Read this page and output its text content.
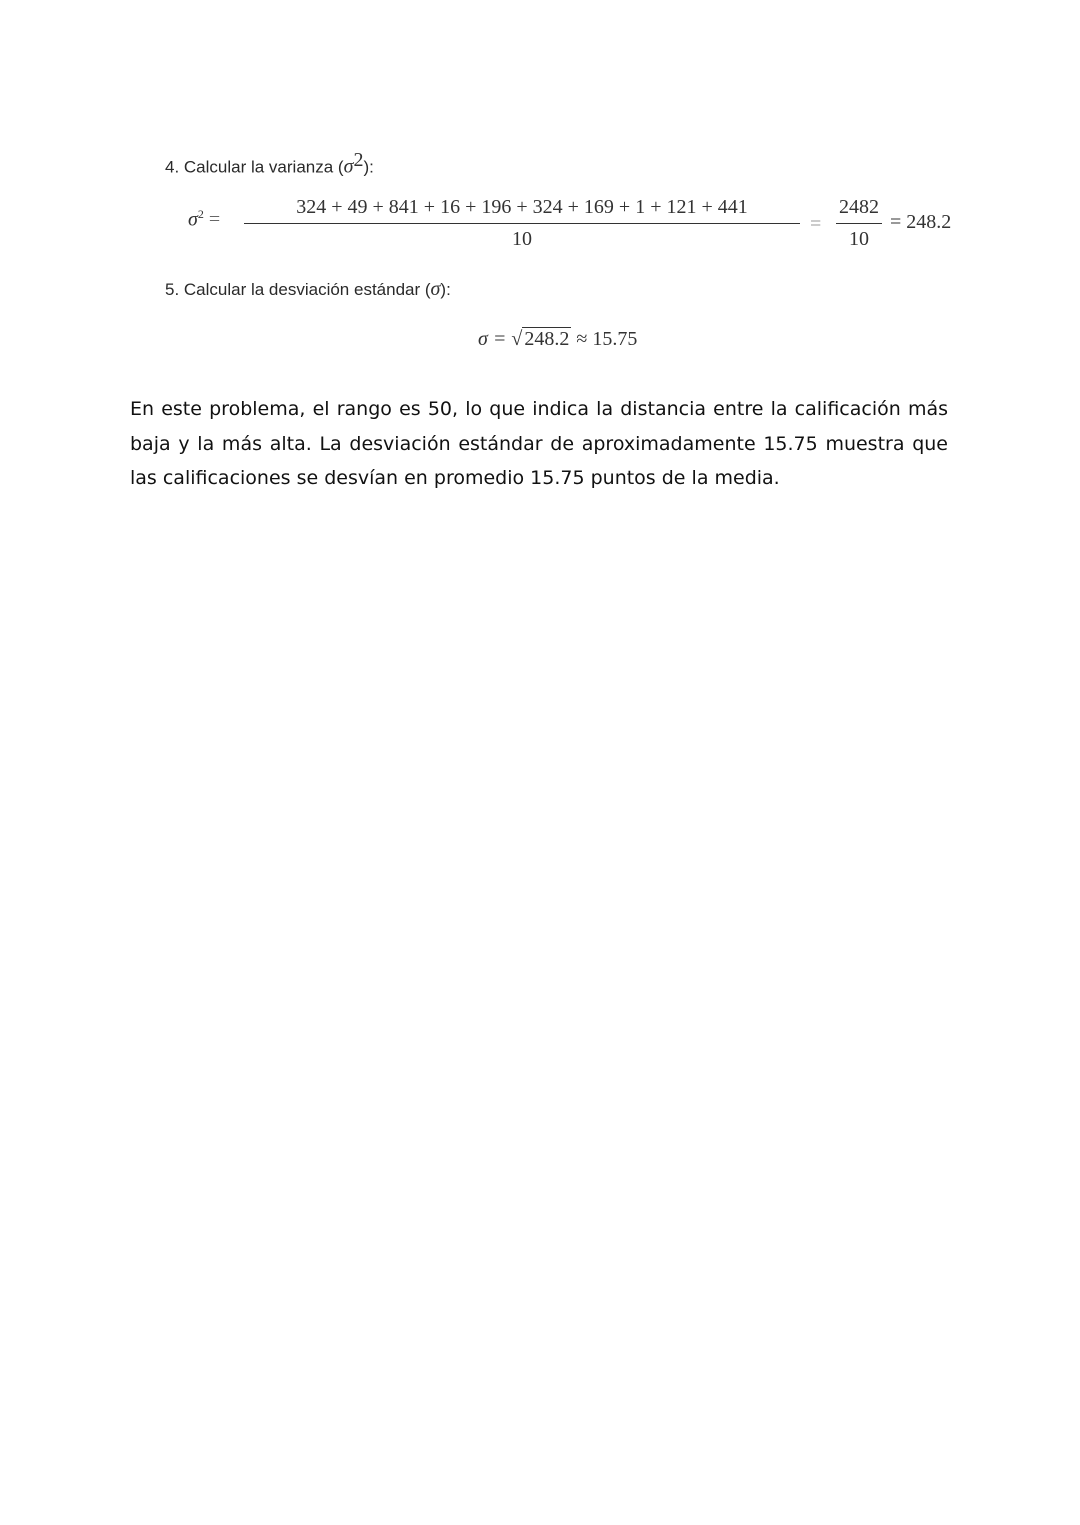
4. Calcular la varianza $(\sigma^2)$:
$\sigma^2$ =
324 + 49 + 841 + 16 + 196 + 324 + 169 + 1 + 121 + 441
10
=
2482
10
= 248.2
5. Calcular la desviación estándar (σ):
σ = √ 248.2 ≈ 15.75

En este problema, el rango es 50, lo que indica la distancia entre la calificación más baja y la más alta. La desviación estándar de aproximadamente 15.75 muestra que las calificaciones se desvían en promedio 15.75 puntos de la media.
